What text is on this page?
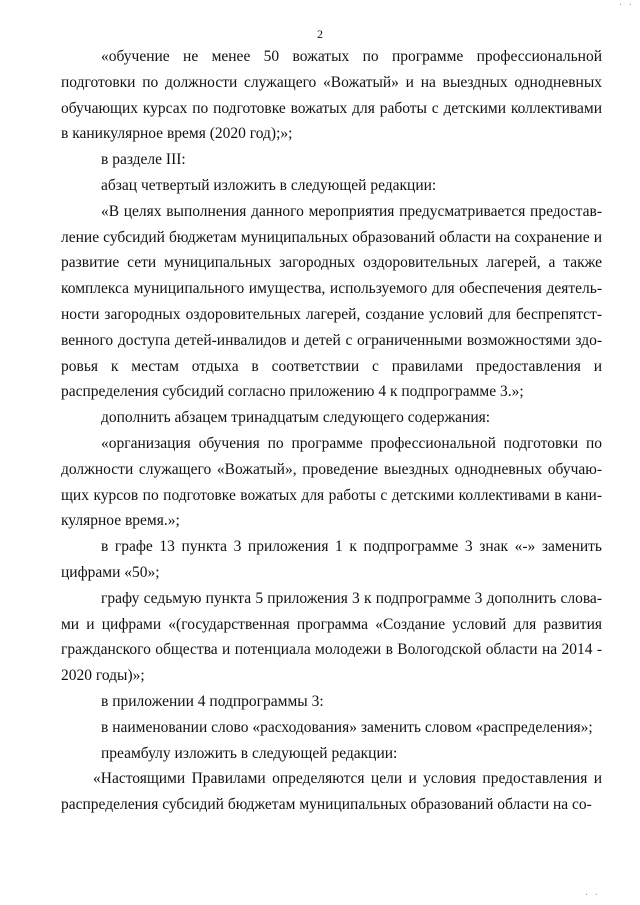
2

«обучение не менее 50 вожатых по программе профессиональной подготовки по должности служащего «Вожатый» и на выездных однодневных обучающих курсах по подготовке вожатых для работы с детскими коллективами в каникулярное время (2020 год);»;

в разделе III:

абзац четвертый изложить в следующей редакции:

«В целях выполнения данного мероприятия предусматривается предоставление субсидий бюджетам муниципальных образований области на сохранение и развитие сети муниципальных загородных оздоровительных лагерей, а также комплекса муниципального имущества, используемого для обеспечения деятельности загородных оздоровительных лагерей, создание условий для беспрепятственного доступа детей-инвалидов и детей с ограниченными возможностями здоровья к местам отдыха в соответствии с правилами предоставления и распределения субсидий согласно приложению 4 к подпрограмме 3.»;

дополнить абзацем тринадцатым следующего содержания:

«организация обучения по программе профессиональной подготовки по должности служащего «Вожатый», проведение выездных однодневных обучающих курсов по подготовке вожатых для работы с детскими коллективами в каникулярное время.»;

в графе 13 пункта 3 приложения 1 к подпрограмме 3 знак «-» заменить цифрами «50»;

графу седьмую пункта 5 приложения 3 к подпрограмме 3 дополнить словами и цифрами «(государственная программа «Создание условий для развития гражданского общества и потенциала молодежи в Вологодской области на 2014 - 2020 годы)»;

в приложении 4 подпрограммы 3:

в наименовании слово «расходования» заменить словом «распределения»;

преамбулу изложить в следующей редакции:

«Настоящими Правилами определяются цели и условия предоставления и распределения субсидий бюджетам муниципальных образований области на со-

· ·
· ·
